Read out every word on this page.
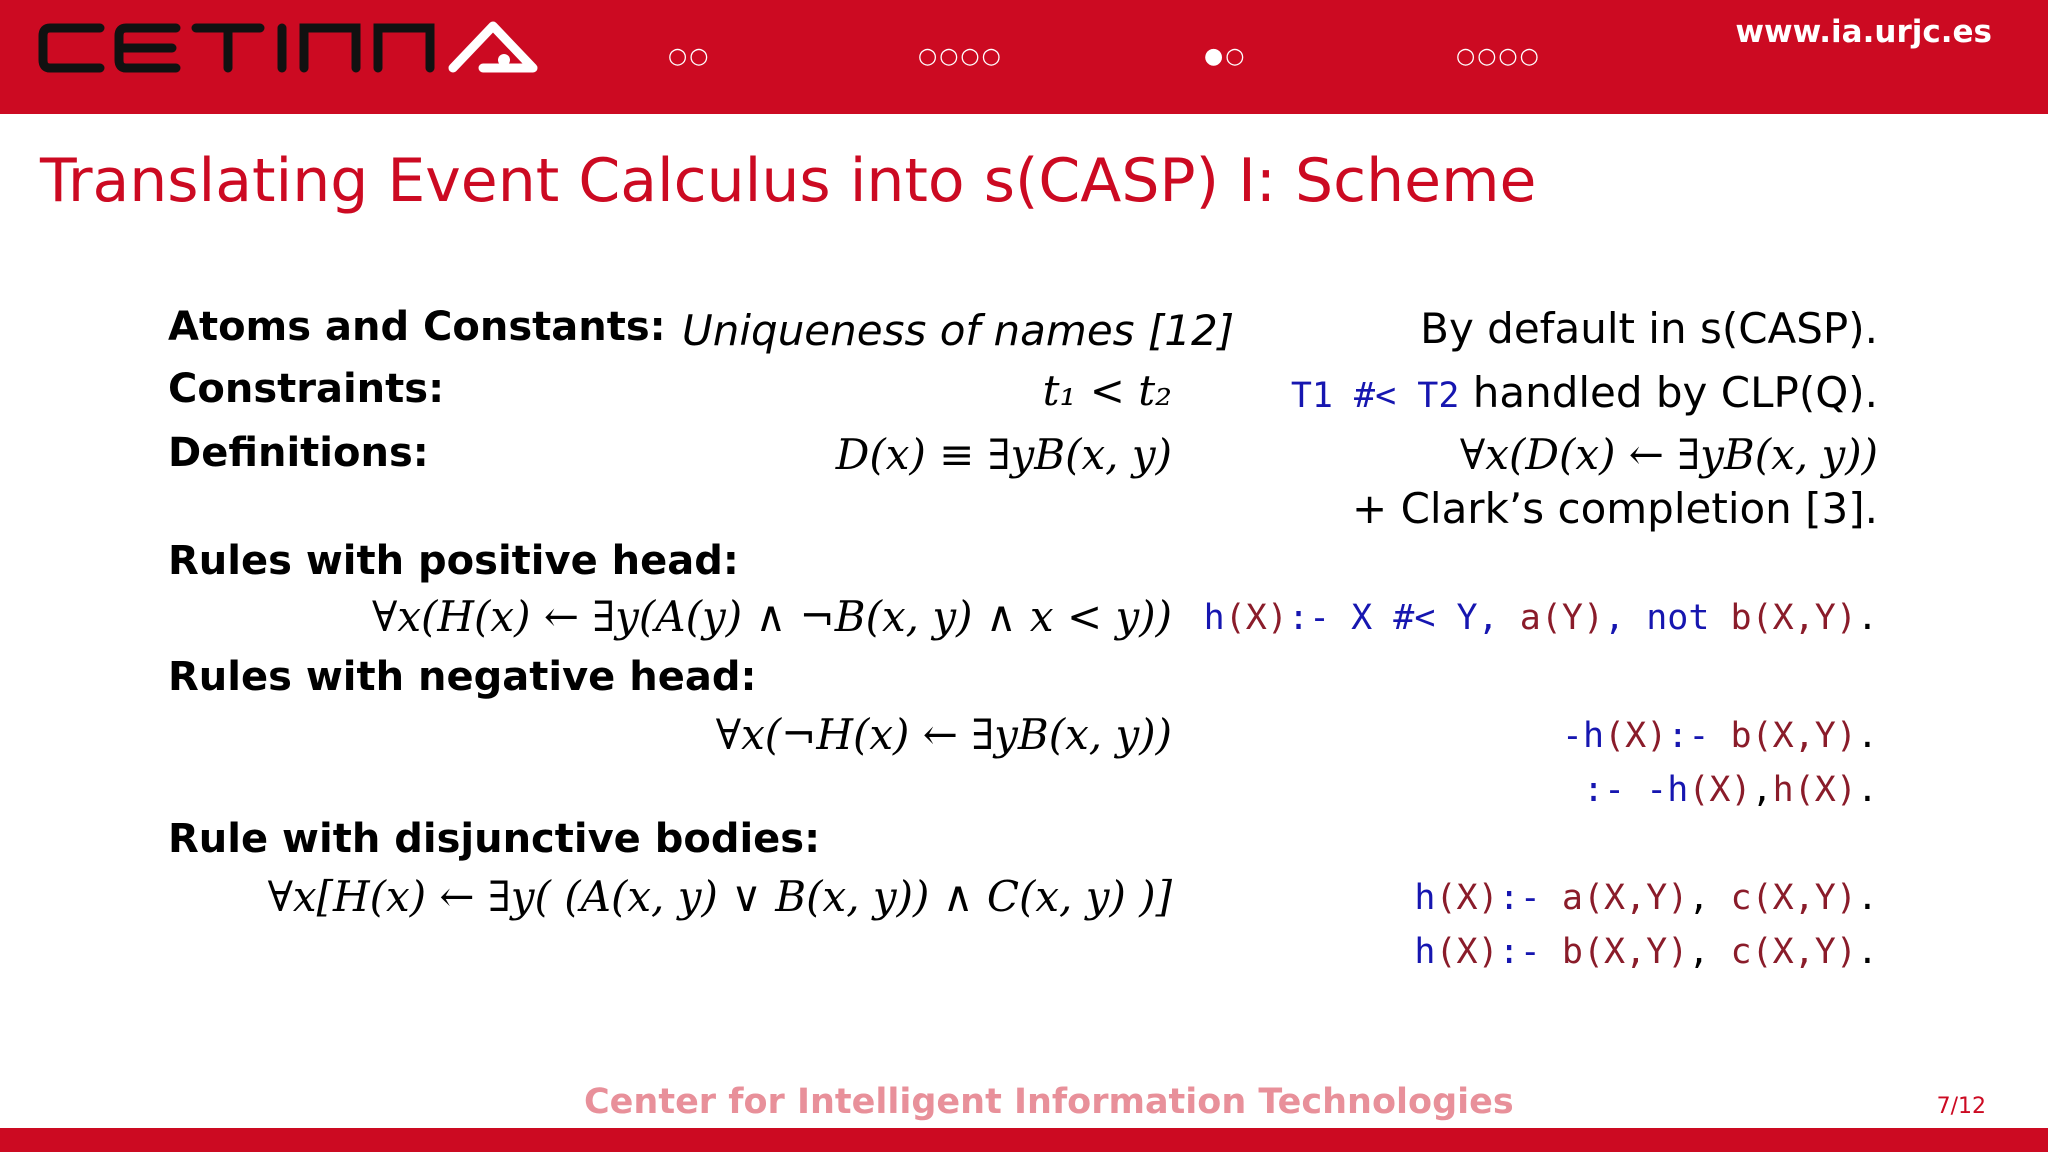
○○	○○○○	●○	○○○○
www.ia.urjc.es
Translating Event Calculus into s(CASP) I: Scheme
Atoms and Constants: Uniqueness of names [12]	By default in s(CASP).
Constraints:	t₁ < t₂	T1 #< T2 handled by CLP(Q).
Definitions:	D(x) ≡ ∃yB(x, y)	∀x(D(x) ← ∃yB(x, y))
+ Clark’s completion [3].
Rules with positive head:
∀x(H(x) ← ∃y(A(y) ∧ ¬B(x, y) ∧ x < y)) h(X):- X #< Y, a(Y), not b(X,Y).
Rules with negative head:
∀x(¬H(x) ← ∃yB(x, y))	-h(X):- b(X,Y).
:- -h(X),h(X).
Rule with disjunctive bodies:
∀x[H(x) ← ∃y( (A(x, y) ∨ B(x, y)) ∧ C(x, y) )]	h(X):- a(X,Y), c(X,Y).
h(X):- b(X,Y), c(X,Y).
Center for Intelligent Information Technologies	7/12
